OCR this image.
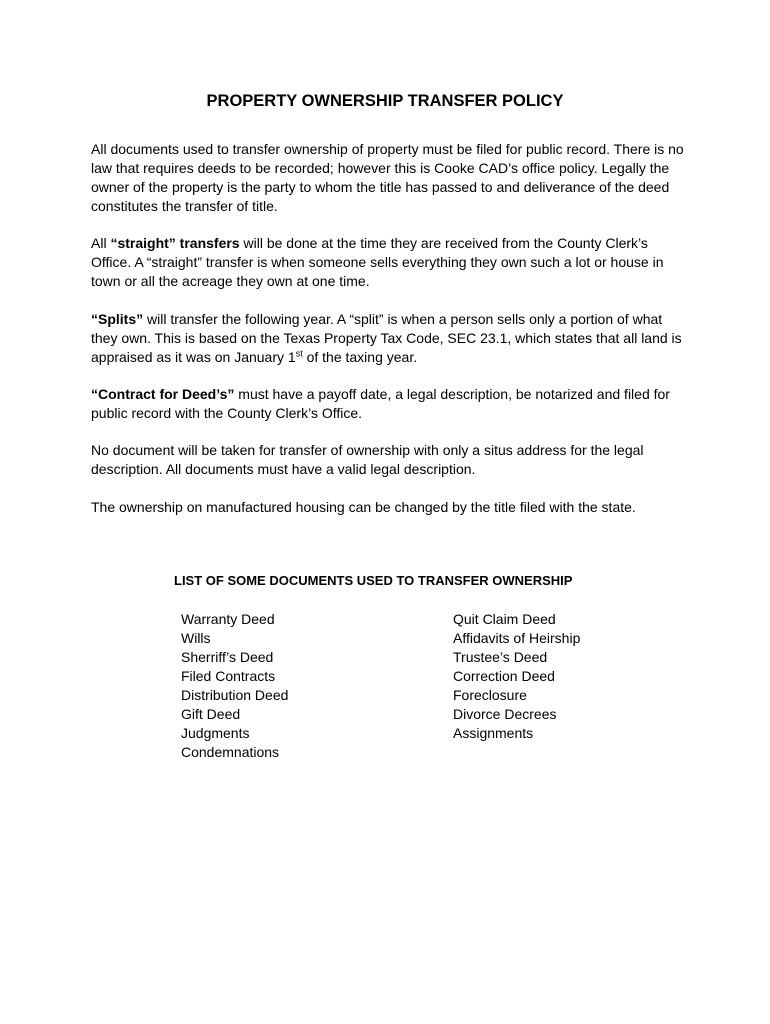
PROPERTY OWNERSHIP TRANSFER POLICY
All documents used to transfer ownership of property must be filed for public record. There is no law that requires deeds to be recorded; however this is Cooke CAD’s office policy. Legally the owner of the property is the party to whom the title has passed to and deliverance of the deed constitutes the transfer of title.
All “straight” transfers will be done at the time they are received from the County Clerk’s Office. A “straight” transfer is when someone sells everything they own such a lot or house in town or all the acreage they own at one time.
“Splits” will transfer the following year. A “split” is when a person sells only a portion of what they own. This is based on the Texas Property Tax Code, SEC 23.1, which states that all land is appraised as it was on January 1st of the taxing year.
“Contract for Deed’s” must have a payoff date, a legal description, be notarized and filed for public record with the County Clerk’s Office.
No document will be taken for transfer of ownership with only a situs address for the legal description. All documents must have a valid legal description.
The ownership on manufactured housing can be changed by the title filed with the state.
LIST OF SOME DOCUMENTS USED TO TRANSFER OWNERSHIP
Warranty Deed
Wills
Sherriff’s Deed
Filed Contracts
Distribution Deed
Gift Deed
Judgments
Condemnations
Quit Claim Deed
Affidavits of Heirship
Trustee’s Deed
Correction Deed
Foreclosure
Divorce Decrees
Assignments
